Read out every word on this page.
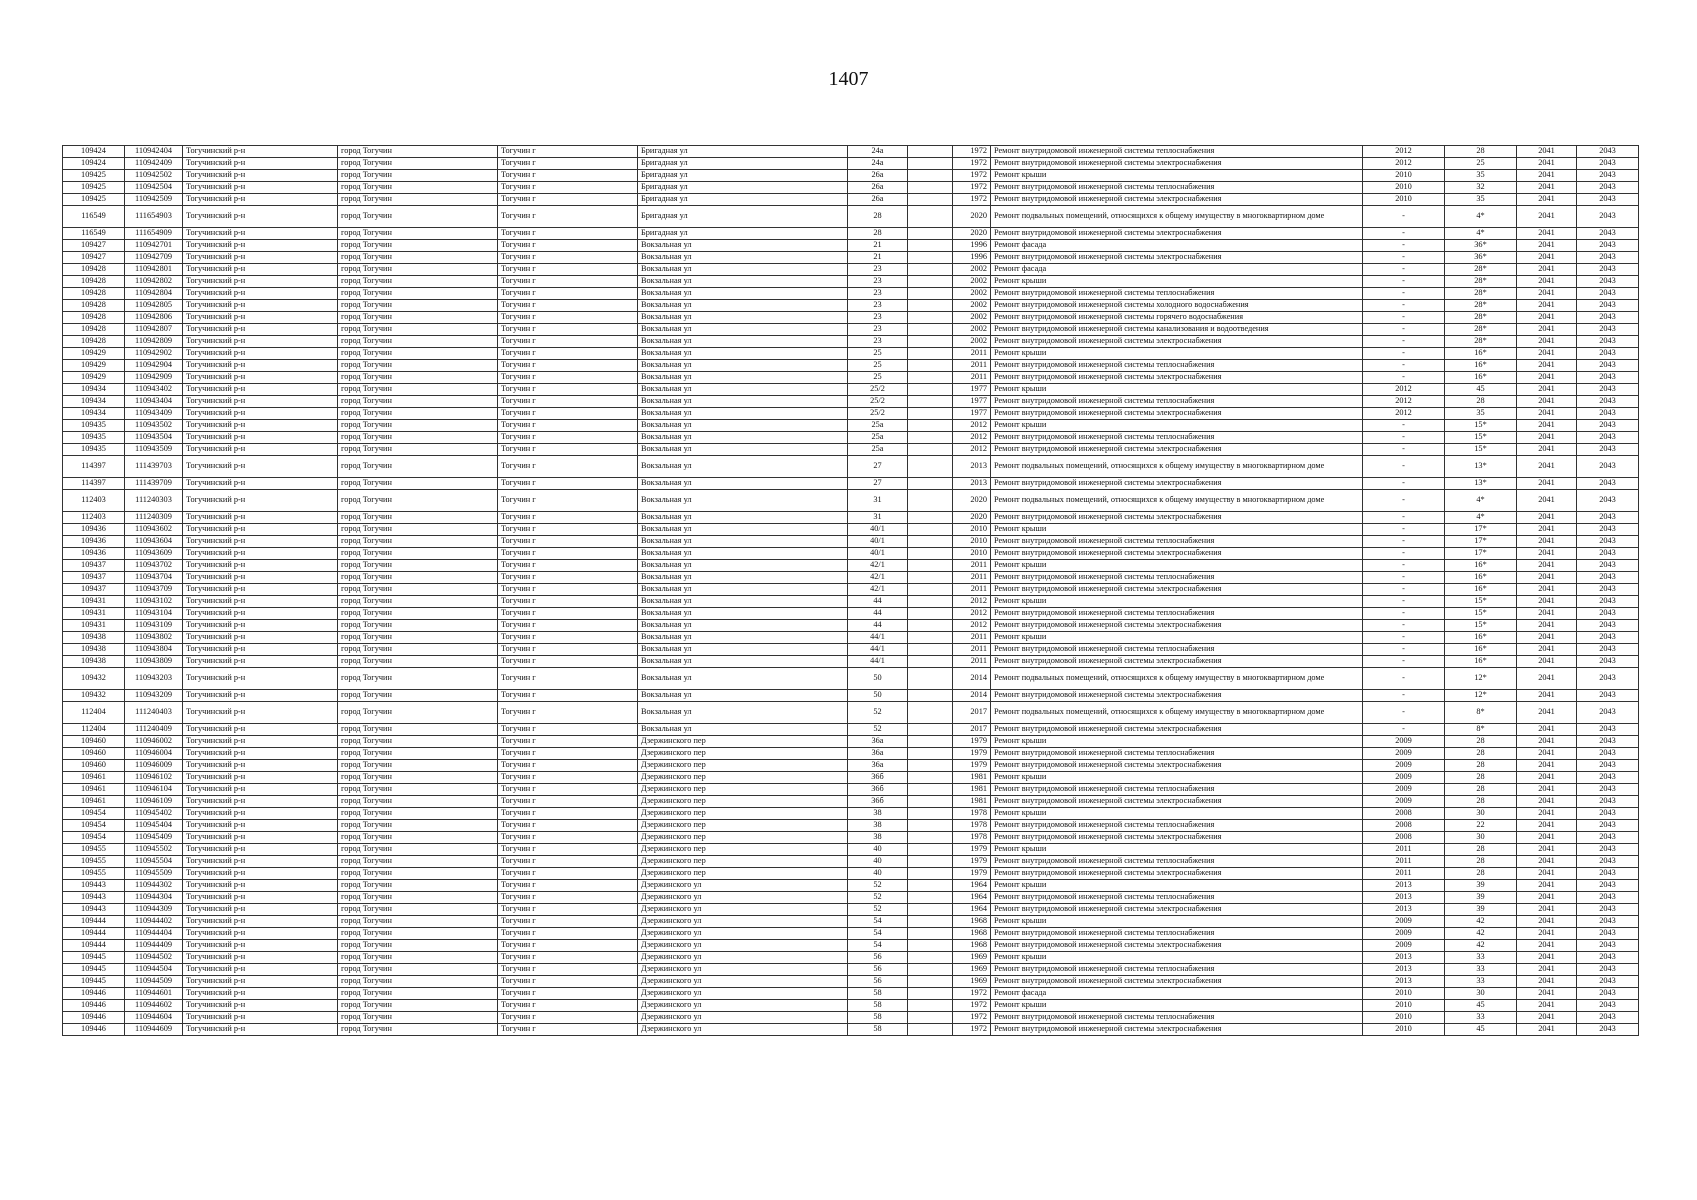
1407
109424	110942404	Тогучинский р-н	город Тогучин	Тогучин г	Бригадная ул	24а		1972	Ремонт внутридомовой инженерной системы теплоснабжения	2012	28	2041	2043
109424	110942409	Тогучинский р-н	город Тогучин	Тогучин г	Бригадная ул	24а		1972	Ремонт внутридомовой инженерной системы электроснабжения	2012	25	2041	2043
109425	110942502	Тогучинский р-н	город Тогучин	Тогучин г	Бригадная ул	26а		1972	Ремонт крыши	2010	35	2041	2043
109425	110942504	Тогучинский р-н	город Тогучин	Тогучин г	Бригадная ул	26а		1972	Ремонт внутридомовой инженерной системы теплоснабжения	2010	32	2041	2043
109425	110942509	Тогучинский р-н	город Тогучин	Тогучин г	Бригадная ул	26а		1972	Ремонт внутридомовой инженерной системы электроснабжения	2010	35	2041	2043
116549	111654903	Тогучинский р-н	город Тогучин	Тогучин г	Бригадная ул	28		2020	Ремонт подвальных помещений, относящихся к общему имуществу в многоквартирном доме	-	4*	2041	2043
116549	111654909	Тогучинский р-н	город Тогучин	Тогучин г	Бригадная ул	28		2020	Ремонт внутридомовой инженерной системы электроснабжения	-	4*	2041	2043
109427	110942701	Тогучинский р-н	город Тогучин	Тогучин г	Вокзальная ул	21		1996	Ремонт фасада	-	36*	2041	2043
109427	110942709	Тогучинский р-н	город Тогучин	Тогучин г	Вокзальная ул	21		1996	Ремонт внутридомовой инженерной системы электроснабжения	-	36*	2041	2043
109428	110942801	Тогучинский р-н	город Тогучин	Тогучин г	Вокзальная ул	23		2002	Ремонт фасада	-	28*	2041	2043
109428	110942802	Тогучинский р-н	город Тогучин	Тогучин г	Вокзальная ул	23		2002	Ремонт крыши	-	28*	2041	2043
109428	110942804	Тогучинский р-н	город Тогучин	Тогучин г	Вокзальная ул	23		2002	Ремонт внутридомовой инженерной системы теплоснабжения	-	28*	2041	2043
109428	110942805	Тогучинский р-н	город Тогучин	Тогучин г	Вокзальная ул	23		2002	Ремонт внутридомовой инженерной системы холодного водоснабжения	-	28*	2041	2043
109428	110942806	Тогучинский р-н	город Тогучин	Тогучин г	Вокзальная ул	23		2002	Ремонт внутридомовой инженерной системы горячего водоснабжения	-	28*	2041	2043
109428	110942807	Тогучинский р-н	город Тогучин	Тогучин г	Вокзальная ул	23		2002	Ремонт внутридомовой инженерной системы канализования и водоотведения	-	28*	2041	2043
109428	110942809	Тогучинский р-н	город Тогучин	Тогучин г	Вокзальная ул	23		2002	Ремонт внутридомовой инженерной системы электроснабжения	-	28*	2041	2043
109429	110942902	Тогучинский р-н	город Тогучин	Тогучин г	Вокзальная ул	25		2011	Ремонт крыши	-	16*	2041	2043
109429	110942904	Тогучинский р-н	город Тогучин	Тогучин г	Вокзальная ул	25		2011	Ремонт внутридомовой инженерной системы теплоснабжения	-	16*	2041	2043
109429	110942909	Тогучинский р-н	город Тогучин	Тогучин г	Вокзальная ул	25		2011	Ремонт внутридомовой инженерной системы электроснабжения	-	16*	2041	2043
109434	110943402	Тогучинский р-н	город Тогучин	Тогучин г	Вокзальная ул	25/2		1977	Ремонт крыши	2012	45	2041	2043
109434	110943404	Тогучинский р-н	город Тогучин	Тогучин г	Вокзальная ул	25/2		1977	Ремонт внутридомовой инженерной системы теплоснабжения	2012	28	2041	2043
109434	110943409	Тогучинский р-н	город Тогучин	Тогучин г	Вокзальная ул	25/2		1977	Ремонт внутридомовой инженерной системы электроснабжения	2012	35	2041	2043
109435	110943502	Тогучинский р-н	город Тогучин	Тогучин г	Вокзальная ул	25а		2012	Ремонт крыши	-	15*	2041	2043
109435	110943504	Тогучинский р-н	город Тогучин	Тогучин г	Вокзальная ул	25а		2012	Ремонт внутридомовой инженерной системы теплоснабжения	-	15*	2041	2043
109435	110943509	Тогучинский р-н	город Тогучин	Тогучин г	Вокзальная ул	25а		2012	Ремонт внутридомовой инженерной системы электроснабжения	-	15*	2041	2043
114397	111439703	Тогучинский р-н	город Тогучин	Тогучин г	Вокзальная ул	27		2013	Ремонт подвальных помещений, относящихся к общему имуществу в многоквартирном доме	-	13*	2041	2043
114397	111439709	Тогучинский р-н	город Тогучин	Тогучин г	Вокзальная ул	27		2013	Ремонт внутридомовой инженерной системы электроснабжения	-	13*	2041	2043
112403	111240303	Тогучинский р-н	город Тогучин	Тогучин г	Вокзальная ул	31		2020	Ремонт подвальных помещений, относящихся к общему имуществу в многоквартирном доме	-	4*	2041	2043
112403	111240309	Тогучинский р-н	город Тогучин	Тогучин г	Вокзальная ул	31		2020	Ремонт внутридомовой инженерной системы электроснабжения	-	4*	2041	2043
109436	110943602	Тогучинский р-н	город Тогучин	Тогучин г	Вокзальная ул	40/1		2010	Ремонт крыши	-	17*	2041	2043
109436	110943604	Тогучинский р-н	город Тогучин	Тогучин г	Вокзальная ул	40/1		2010	Ремонт внутридомовой инженерной системы теплоснабжения	-	17*	2041	2043
109436	110943609	Тогучинский р-н	город Тогучин	Тогучин г	Вокзальная ул	40/1		2010	Ремонт внутридомовой инженерной системы электроснабжения	-	17*	2041	2043
109437	110943702	Тогучинский р-н	город Тогучин	Тогучин г	Вокзальная ул	42/1		2011	Ремонт крыши	-	16*	2041	2043
109437	110943704	Тогучинский р-н	город Тогучин	Тогучин г	Вокзальная ул	42/1		2011	Ремонт внутридомовой инженерной системы теплоснабжения	-	16*	2041	2043
109437	110943709	Тогучинский р-н	город Тогучин	Тогучин г	Вокзальная ул	42/1		2011	Ремонт внутридомовой инженерной системы электроснабжения	-	16*	2041	2043
109431	110943102	Тогучинский р-н	город Тогучин	Тогучин г	Вокзальная ул	44		2012	Ремонт крыши	-	15*	2041	2043
109431	110943104	Тогучинский р-н	город Тогучин	Тогучин г	Вокзальная ул	44		2012	Ремонт внутридомовой инженерной системы теплоснабжения	-	15*	2041	2043
109431	110943109	Тогучинский р-н	город Тогучин	Тогучин г	Вокзальная ул	44		2012	Ремонт внутридомовой инженерной системы электроснабжения	-	15*	2041	2043
109438	110943802	Тогучинский р-н	город Тогучин	Тогучин г	Вокзальная ул	44/1		2011	Ремонт крыши	-	16*	2041	2043
109438	110943804	Тогучинский р-н	город Тогучин	Тогучин г	Вокзальная ул	44/1		2011	Ремонт внутридомовой инженерной системы теплоснабжения	-	16*	2041	2043
109438	110943809	Тогучинский р-н	город Тогучин	Тогучин г	Вокзальная ул	44/1		2011	Ремонт внутридомовой инженерной системы электроснабжения	-	16*	2041	2043
109432	110943203	Тогучинский р-н	город Тогучин	Тогучин г	Вокзальная ул	50		2014	Ремонт подвальных помещений, относящихся к общему имуществу в многоквартирном доме	-	12*	2041	2043
109432	110943209	Тогучинский р-н	город Тогучин	Тогучин г	Вокзальная ул	50		2014	Ремонт внутридомовой инженерной системы электроснабжения	-	12*	2041	2043
112404	111240403	Тогучинский р-н	город Тогучин	Тогучин г	Вокзальная ул	52		2017	Ремонт подвальных помещений, относящихся к общему имуществу в многоквартирном доме	-	8*	2041	2043
112404	111240409	Тогучинский р-н	город Тогучин	Тогучин г	Вокзальная ул	52		2017	Ремонт внутридомовой инженерной системы электроснабжения	-	8*	2041	2043
109460	110946002	Тогучинский р-н	город Тогучин	Тогучин г	Дзержинского пер	36а		1979	Ремонт крыши	2009	28	2041	2043
109460	110946004	Тогучинский р-н	город Тогучин	Тогучин г	Дзержинского пер	36а		1979	Ремонт внутридомовой инженерной системы теплоснабжения	2009	28	2041	2043
109460	110946009	Тогучинский р-н	город Тогучин	Тогучин г	Дзержинского пер	36а		1979	Ремонт внутридомовой инженерной системы электроснабжения	2009	28	2041	2043
109461	110946102	Тогучинский р-н	город Тогучин	Тогучин г	Дзержинского пер	36б		1981	Ремонт крыши	2009	28	2041	2043
109461	110946104	Тогучинский р-н	город Тогучин	Тогучин г	Дзержинского пер	36б		1981	Ремонт внутридомовой инженерной системы теплоснабжения	2009	28	2041	2043
109461	110946109	Тогучинский р-н	город Тогучин	Тогучин г	Дзержинского пер	36б		1981	Ремонт внутридомовой инженерной системы электроснабжения	2009	28	2041	2043
109454	110945402	Тогучинский р-н	город Тогучин	Тогучин г	Дзержинского пер	38		1978	Ремонт крыши	2008	30	2041	2043
109454	110945404	Тогучинский р-н	город Тогучин	Тогучин г	Дзержинского пер	38		1978	Ремонт внутридомовой инженерной системы теплоснабжения	2008	22	2041	2043
109454	110945409	Тогучинский р-н	город Тогучин	Тогучин г	Дзержинского пер	38		1978	Ремонт внутридомовой инженерной системы электроснабжения	2008	30	2041	2043
109455	110945502	Тогучинский р-н	город Тогучин	Тогучин г	Дзержинского пер	40		1979	Ремонт крыши	2011	28	2041	2043
109455	110945504	Тогучинский р-н	город Тогучин	Тогучин г	Дзержинского пер	40		1979	Ремонт внутридомовой инженерной системы теплоснабжения	2011	28	2041	2043
109455	110945509	Тогучинский р-н	город Тогучин	Тогучин г	Дзержинского пер	40		1979	Ремонт внутридомовой инженерной системы электроснабжения	2011	28	2041	2043
109443	110944302	Тогучинский р-н	город Тогучин	Тогучин г	Дзержинского ул	52		1964	Ремонт крыши	2013	39	2041	2043
109443	110944304	Тогучинский р-н	город Тогучин	Тогучин г	Дзержинского ул	52		1964	Ремонт внутридомовой инженерной системы теплоснабжения	2013	39	2041	2043
109443	110944309	Тогучинский р-н	город Тогучин	Тогучин г	Дзержинского ул	52		1964	Ремонт внутридомовой инженерной системы электроснабжения	2013	39	2041	2043
109444	110944402	Тогучинский р-н	город Тогучин	Тогучин г	Дзержинского ул	54		1968	Ремонт крыши	2009	42	2041	2043
109444	110944404	Тогучинский р-н	город Тогучин	Тогучин г	Дзержинского ул	54		1968	Ремонт внутридомовой инженерной системы теплоснабжения	2009	42	2041	2043
109444	110944409	Тогучинский р-н	город Тогучин	Тогучин г	Дзержинского ул	54		1968	Ремонт внутридомовой инженерной системы электроснабжения	2009	42	2041	2043
109445	110944502	Тогучинский р-н	город Тогучин	Тогучин г	Дзержинского ул	56		1969	Ремонт крыши	2013	33	2041	2043
109445	110944504	Тогучинский р-н	город Тогучин	Тогучин г	Дзержинского ул	56		1969	Ремонт внутридомовой инженерной системы теплоснабжения	2013	33	2041	2043
109445	110944509	Тогучинский р-н	город Тогучин	Тогучин г	Дзержинского ул	56		1969	Ремонт внутридомовой инженерной системы электроснабжения	2013	33	2041	2043
109446	110944601	Тогучинский р-н	город Тогучин	Тогучин г	Дзержинского ул	58		1972	Ремонт фасада	2010	30	2041	2043
109446	110944602	Тогучинский р-н	город Тогучин	Тогучин г	Дзержинского ул	58		1972	Ремонт крыши	2010	45	2041	2043
109446	110944604	Тогучинский р-н	город Тогучин	Тогучин г	Дзержинского ул	58		1972	Ремонт внутридомовой инженерной системы теплоснабжения	2010	33	2041	2043
109446	110944609	Тогучинский р-н	город Тогучин	Тогучин г	Дзержинского ул	58		1972	Ремонт внутридомовой инженерной системы электроснабжения	2010	45	2041	2043
